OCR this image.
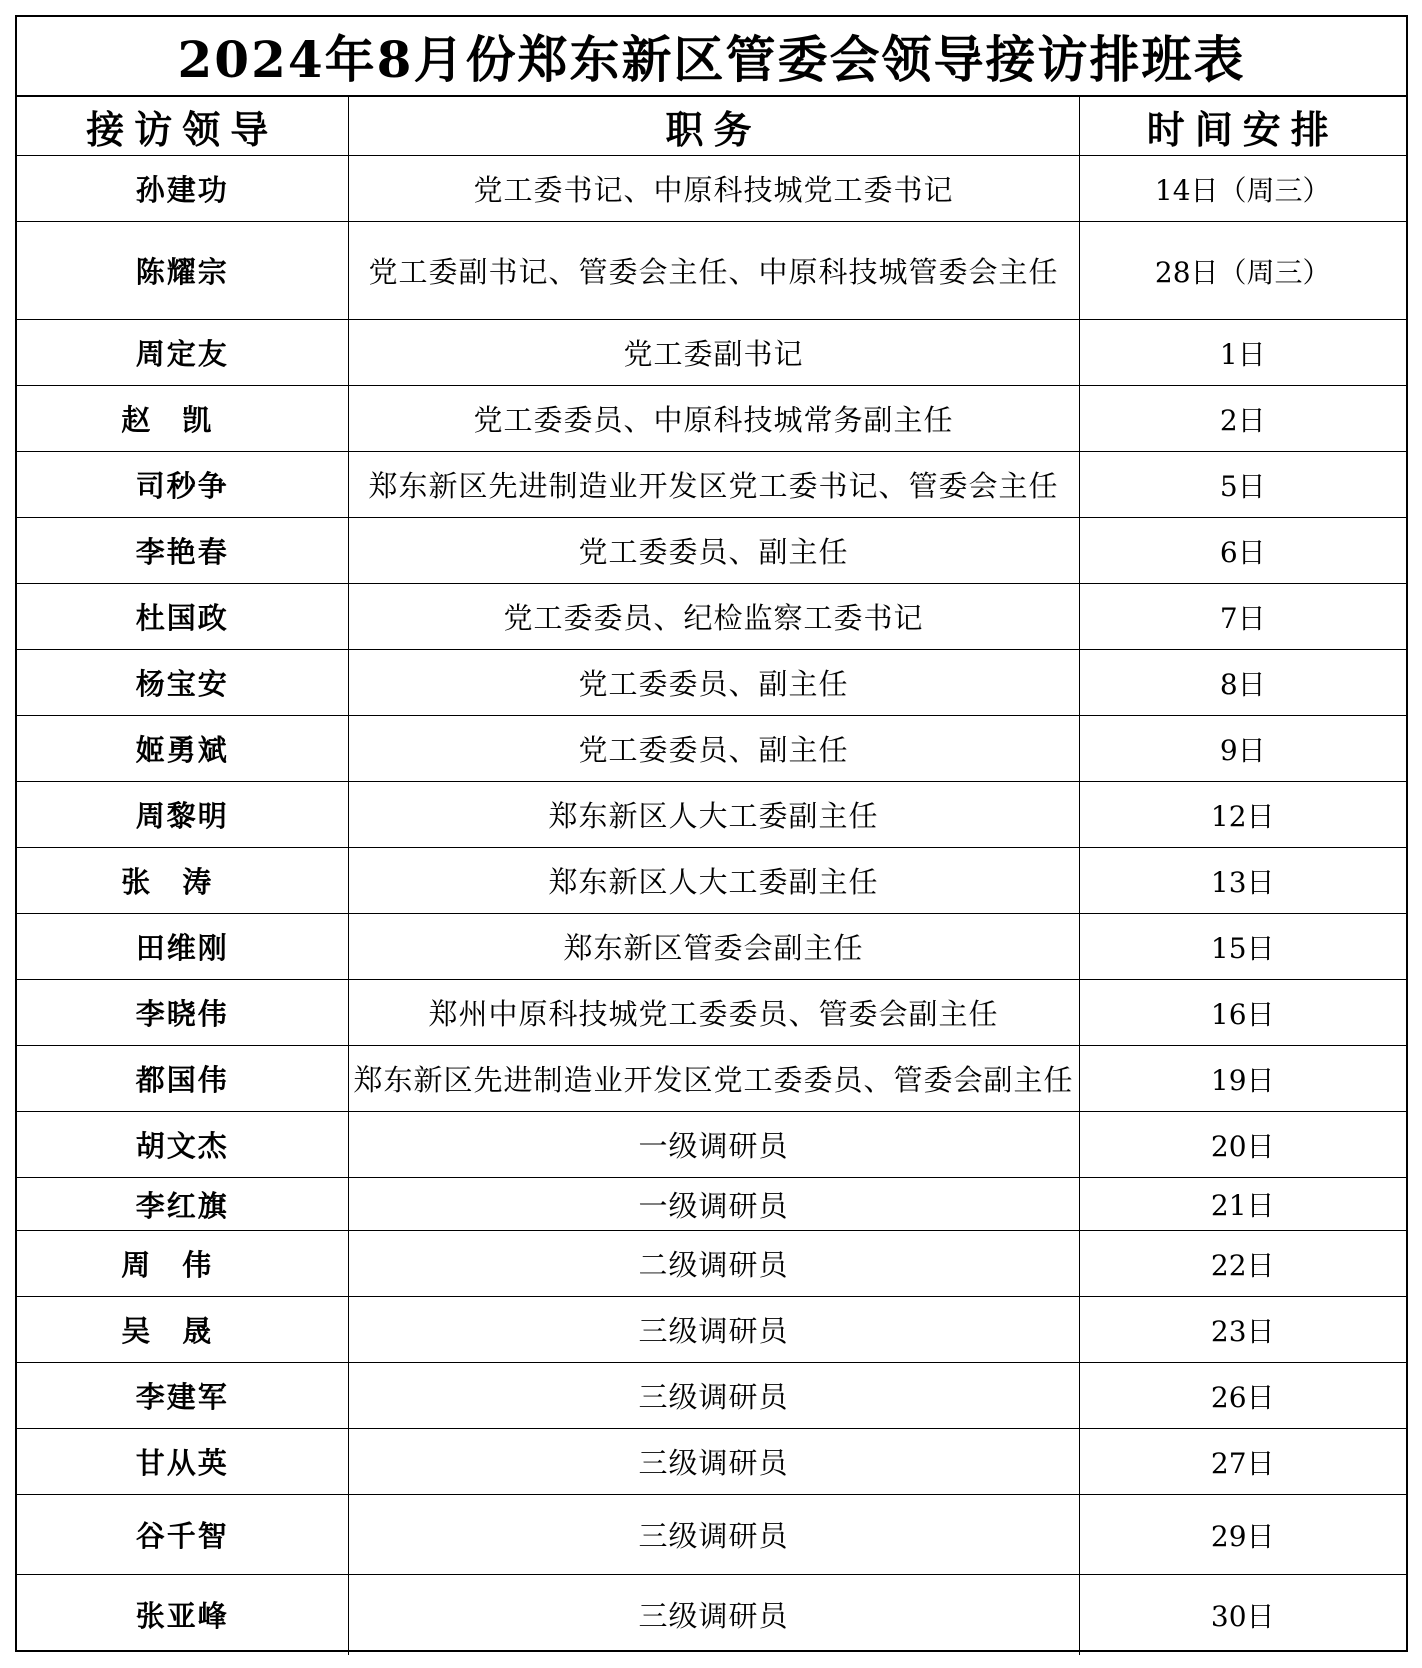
2024年8月份郑东新区管委会领导接访排班表
接访领导	职务	时间安排
孙建功	党工委书记、中原科技城党工委书记	14日（周三）
陈耀宗	党工委副书记、管委会主任、中原科技城管委会主任	28日（周三）
周定友	党工委副书记	1日
赵凯	党工委委员、中原科技城常务副主任	2日
司秒争	郑东新区先进制造业开发区党工委书记、管委会主任	5日
李艳春	党工委委员、副主任	6日
杜国政	党工委委员、纪检监察工委书记	7日
杨宝安	党工委委员、副主任	8日
姬勇斌	党工委委员、副主任	9日
周黎明	郑东新区人大工委副主任	12日
张涛	郑东新区人大工委副主任	13日
田维刚	郑东新区管委会副主任	15日
李晓伟	郑州中原科技城党工委委员、管委会副主任	16日
都国伟	郑东新区先进制造业开发区党工委委员、管委会副主任	19日
胡文杰	一级调研员	20日
李红旗	一级调研员	21日
周伟	二级调研员	22日
吴晟	三级调研员	23日
李建军	三级调研员	26日
甘从英	三级调研员	27日
谷千智	三级调研员	29日
张亚峰	三级调研员	30日
